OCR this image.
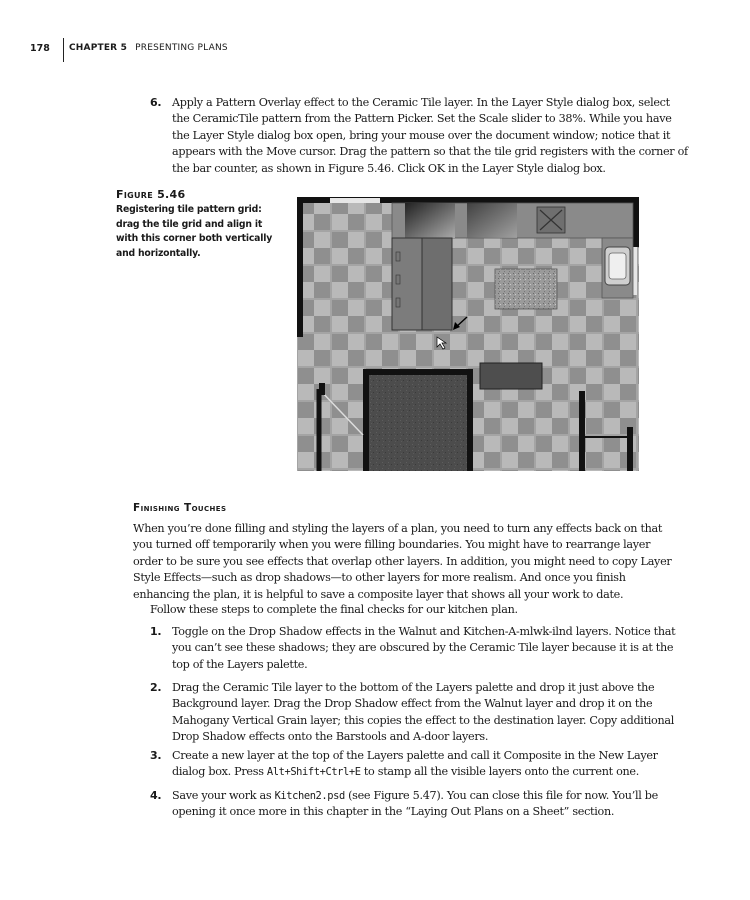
178 CHAPTER 5 PRESENTING PLANS
6. Apply a Pattern Overlay effect to the Ceramic Tile layer. In the Layer Style dialog box, select the CeramicTile pattern from the Pattern Picker. Set the Scale slider to 38%. While you have the Layer Style dialog box open, bring your mouse over the document window; notice that it appears with the Move cursor. Drag the pattern so that the tile grid registers with the corner of the bar counter, as shown in Figure 5.46. Click OK in the Layer Style dialog box.
Figure 5.46
Registering tile pattern grid: drag the tile grid and align it with this corner both vertically and horizontally.
Finishing Touches
When you’re done filling and styling the layers of a plan, you need to turn any effects back on that you turned off temporarily when you were filling boundaries. You might have to rearrange layer order to be sure you see effects that overlap other layers. In addition, you might need to copy Layer Style Effects—such as drop shadows—to other layers for more realism. And once you finish enhancing the plan, it is helpful to save a composite layer that shows all your work to date.
Follow these steps to complete the final checks for our kitchen plan.
1. Toggle on the Drop Shadow effects in the Walnut and Kitchen-A-mlwk-ilnd layers. Notice that you can’t see these shadows; they are obscured by the Ceramic Tile layer because it is at the top of the Layers palette.
2. Drag the Ceramic Tile layer to the bottom of the Layers palette and drop it just above the Background layer. Drag the Drop Shadow effect from the Walnut layer and drop it on the Mahogany Vertical Grain layer; this copies the effect to the destination layer. Copy additional Drop Shadow effects onto the Barstools and A-door layers.
3. Create a new layer at the top of the Layers palette and call it Composite in the New Layer dialog box. Press Alt+Shift+Ctrl+E to stamp all the visible layers onto the current one.
4. Save your work as Kitchen2.psd (see Figure 5.47). You can close this file for now. You’ll be opening it once more in this chapter in the “Laying Out Plans on a Sheet” section.
